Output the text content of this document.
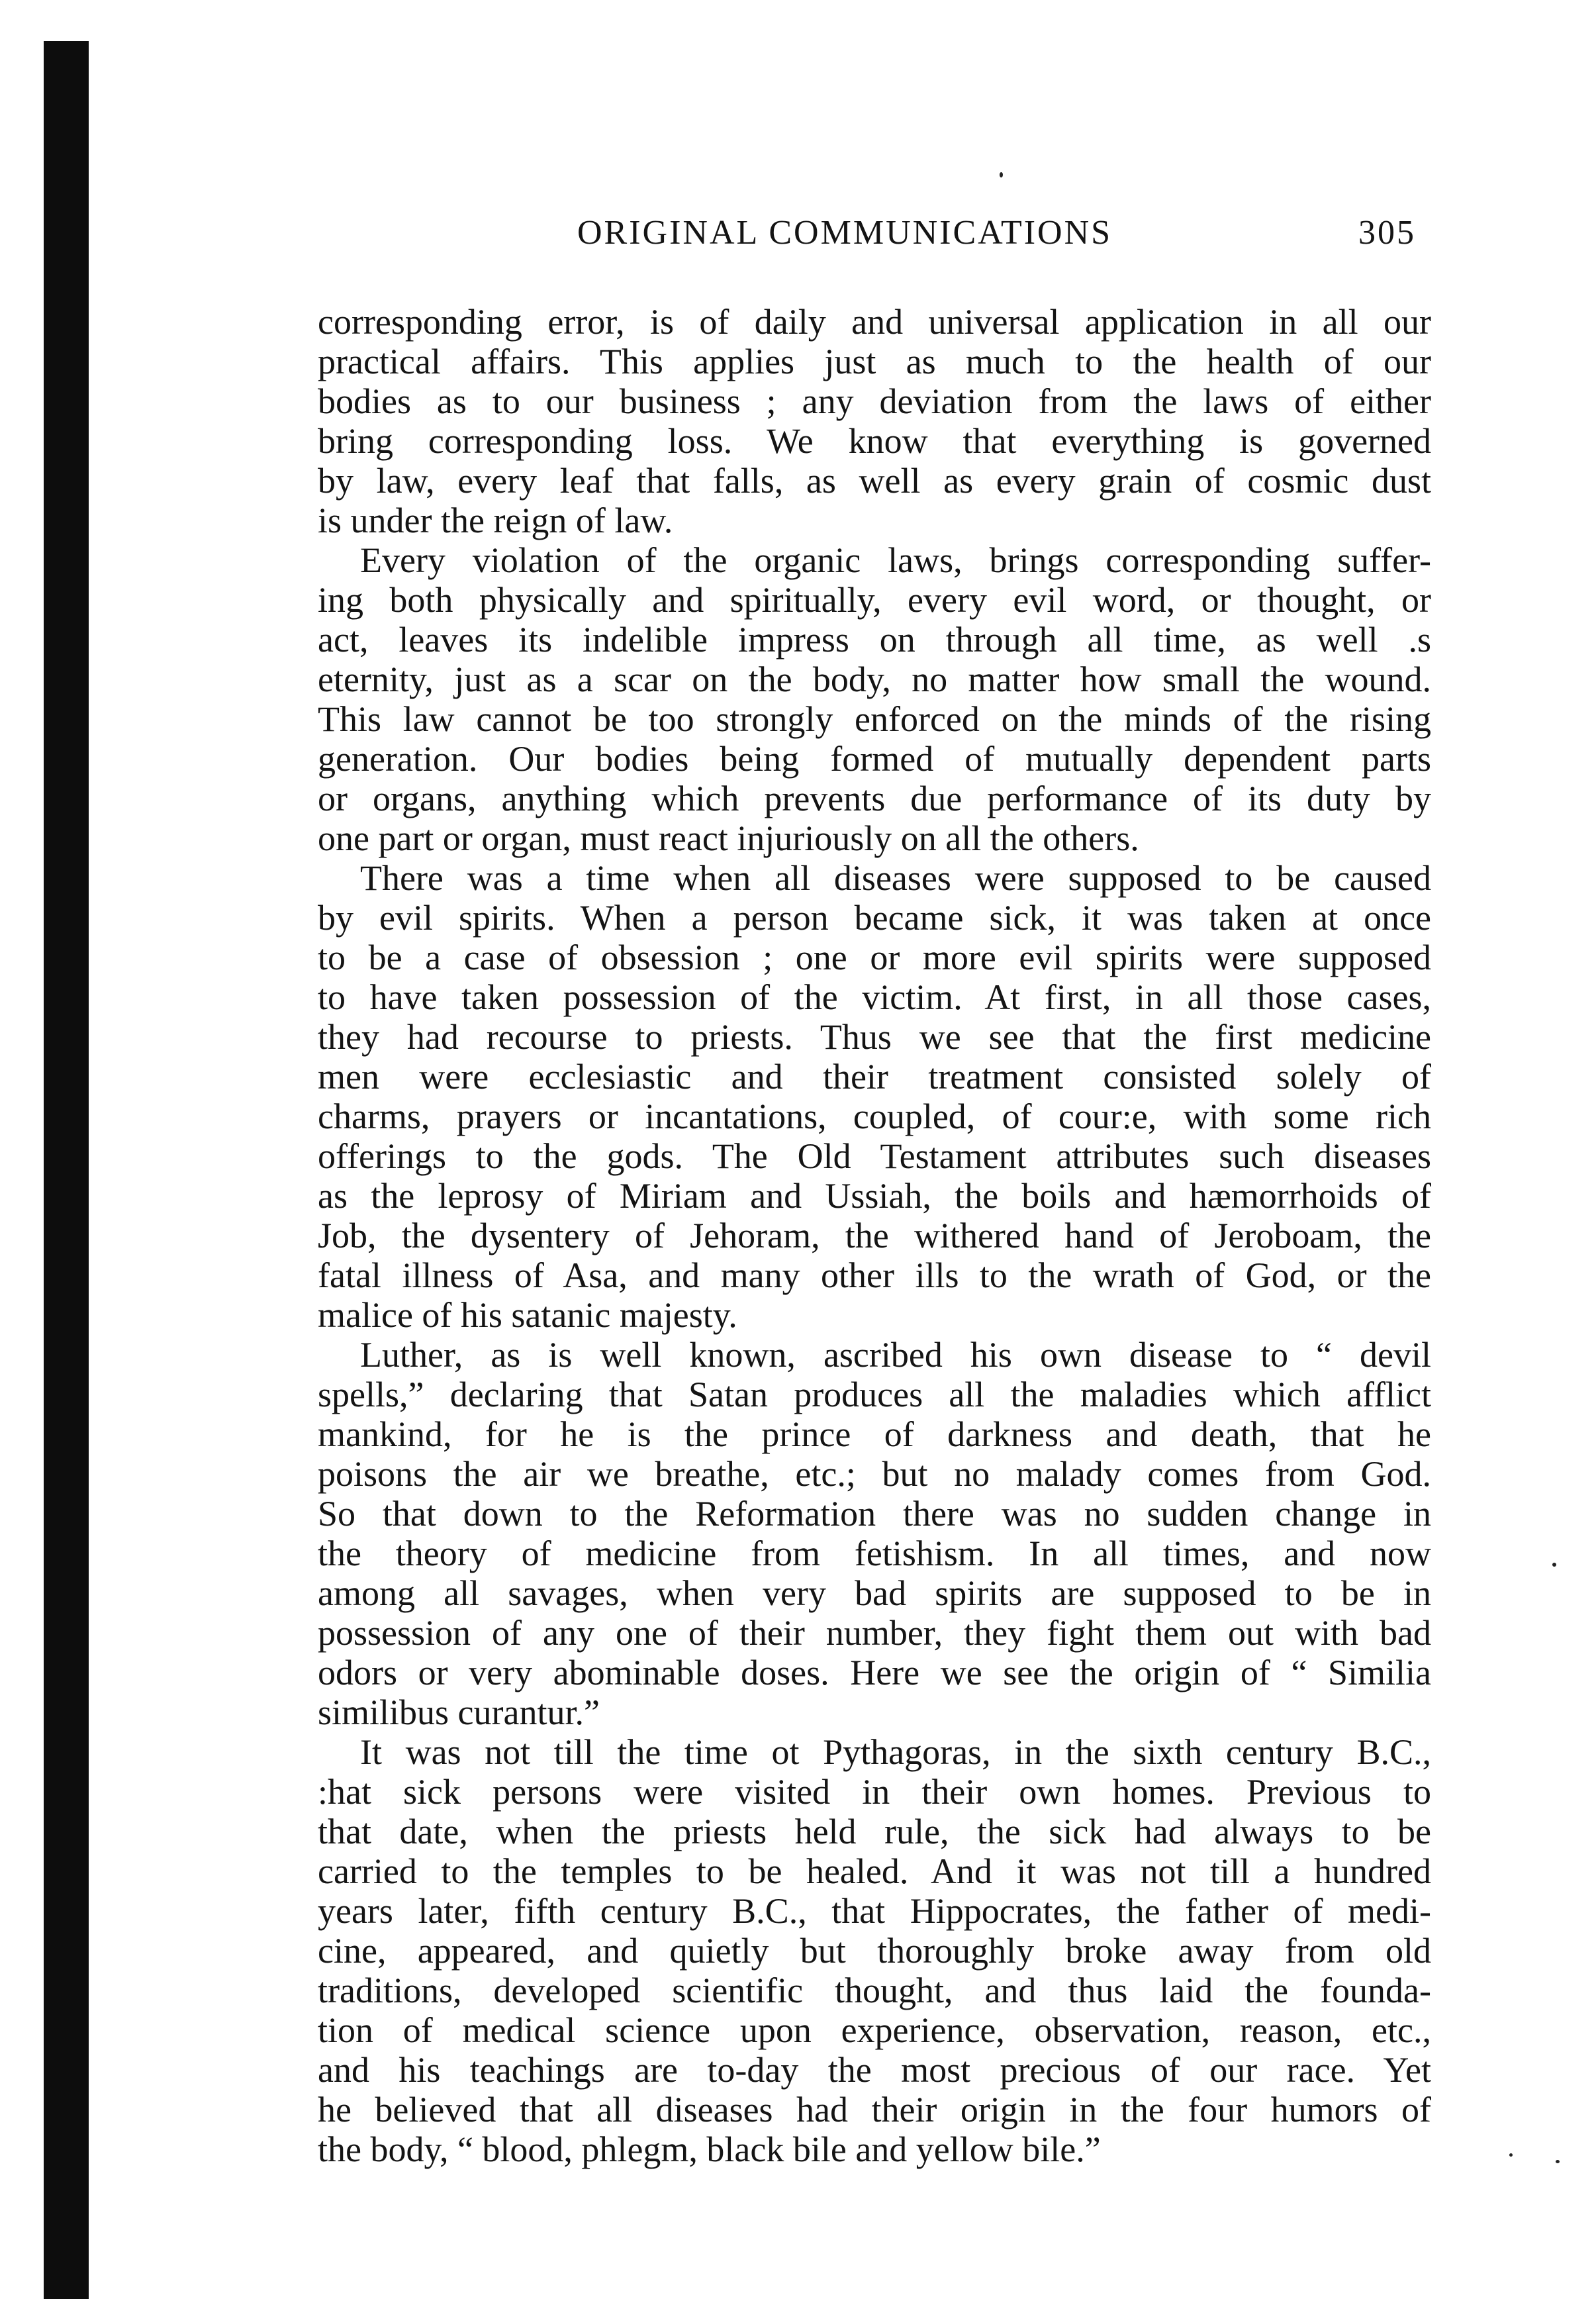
ORIGINAL COMMUNICATIONS	305
corresponding error, is of daily and universal application in all our
practical affairs. This applies just as much to the health of our
bodies as to our business ; any deviation from the laws of either
bring corresponding loss. We know that everything is governed
by law, every leaf that falls, as well as every grain of cosmic dust
is under the reign of law.
Every violation of the organic laws, brings corresponding suffer-
ing both physically and spiritually, every evil word, or thought, or
act, leaves its indelible impress on through all time, as well .s
eternity, just as a scar on the body, no matter how small the wound.
This law cannot be too strongly enforced on the minds of the rising
generation. Our bodies being formed of mutually dependent parts
or organs, anything which prevents due performance of its duty by
one part or organ, must react injuriously on all the others.
There was a time when all diseases were supposed to be caused
by evil spirits. When a person became sick, it was taken at once
to be a case of obsession ; one or more evil spirits were supposed
to have taken possession of the victim. At first, in all those cases,
they had recourse to priests. Thus we see that the first medicine
men were ecclesiastic and their treatment consisted solely of
charms, prayers or incantations, coupled, of cour:e, with some rich
offerings to the gods. The Old Testament attributes such diseases
as the leprosy of Miriam and Ussiah, the boils and hæmorrhoids of
Job, the dysentery of Jehoram, the withered hand of Jeroboam, the
fatal illness of Asa, and many other ills to the wrath of God, or the
malice of his satanic majesty.
Luther, as is well known, ascribed his own disease to “ devil
spells,” declaring that Satan produces all the maladies which afflict
mankind, for he is the prince of darkness and death, that he
poisons the air we breathe, etc.; but no malady comes from God.
So that down to the Reformation there was no sudden change in
the theory of medicine from fetishism. In all times, and now
among all savages, when very bad spirits are supposed to be in
possession of any one of their number, they fight them out with bad
odors or very abominable doses. Here we see the origin of “ Similia
similibus curantur.”
It was not till the time ot Pythagoras, in the sixth century B.C.,
:hat sick persons were visited in their own homes. Previous to
that date, when the priests held rule, the sick had always to be
carried to the temples to be healed. And it was not till a hundred
years later, fifth century B.C., that Hippocrates, the father of medi-
cine, appeared, and quietly but thoroughly broke away from old
traditions, developed scientific thought, and thus laid the founda-
tion of medical science upon experience, observation, reason, etc.,
and his teachings are to-day the most precious of our race. Yet
he believed that all diseases had their origin in the four humors of
the body, “ blood, phlegm, black bile and yellow bile.”
